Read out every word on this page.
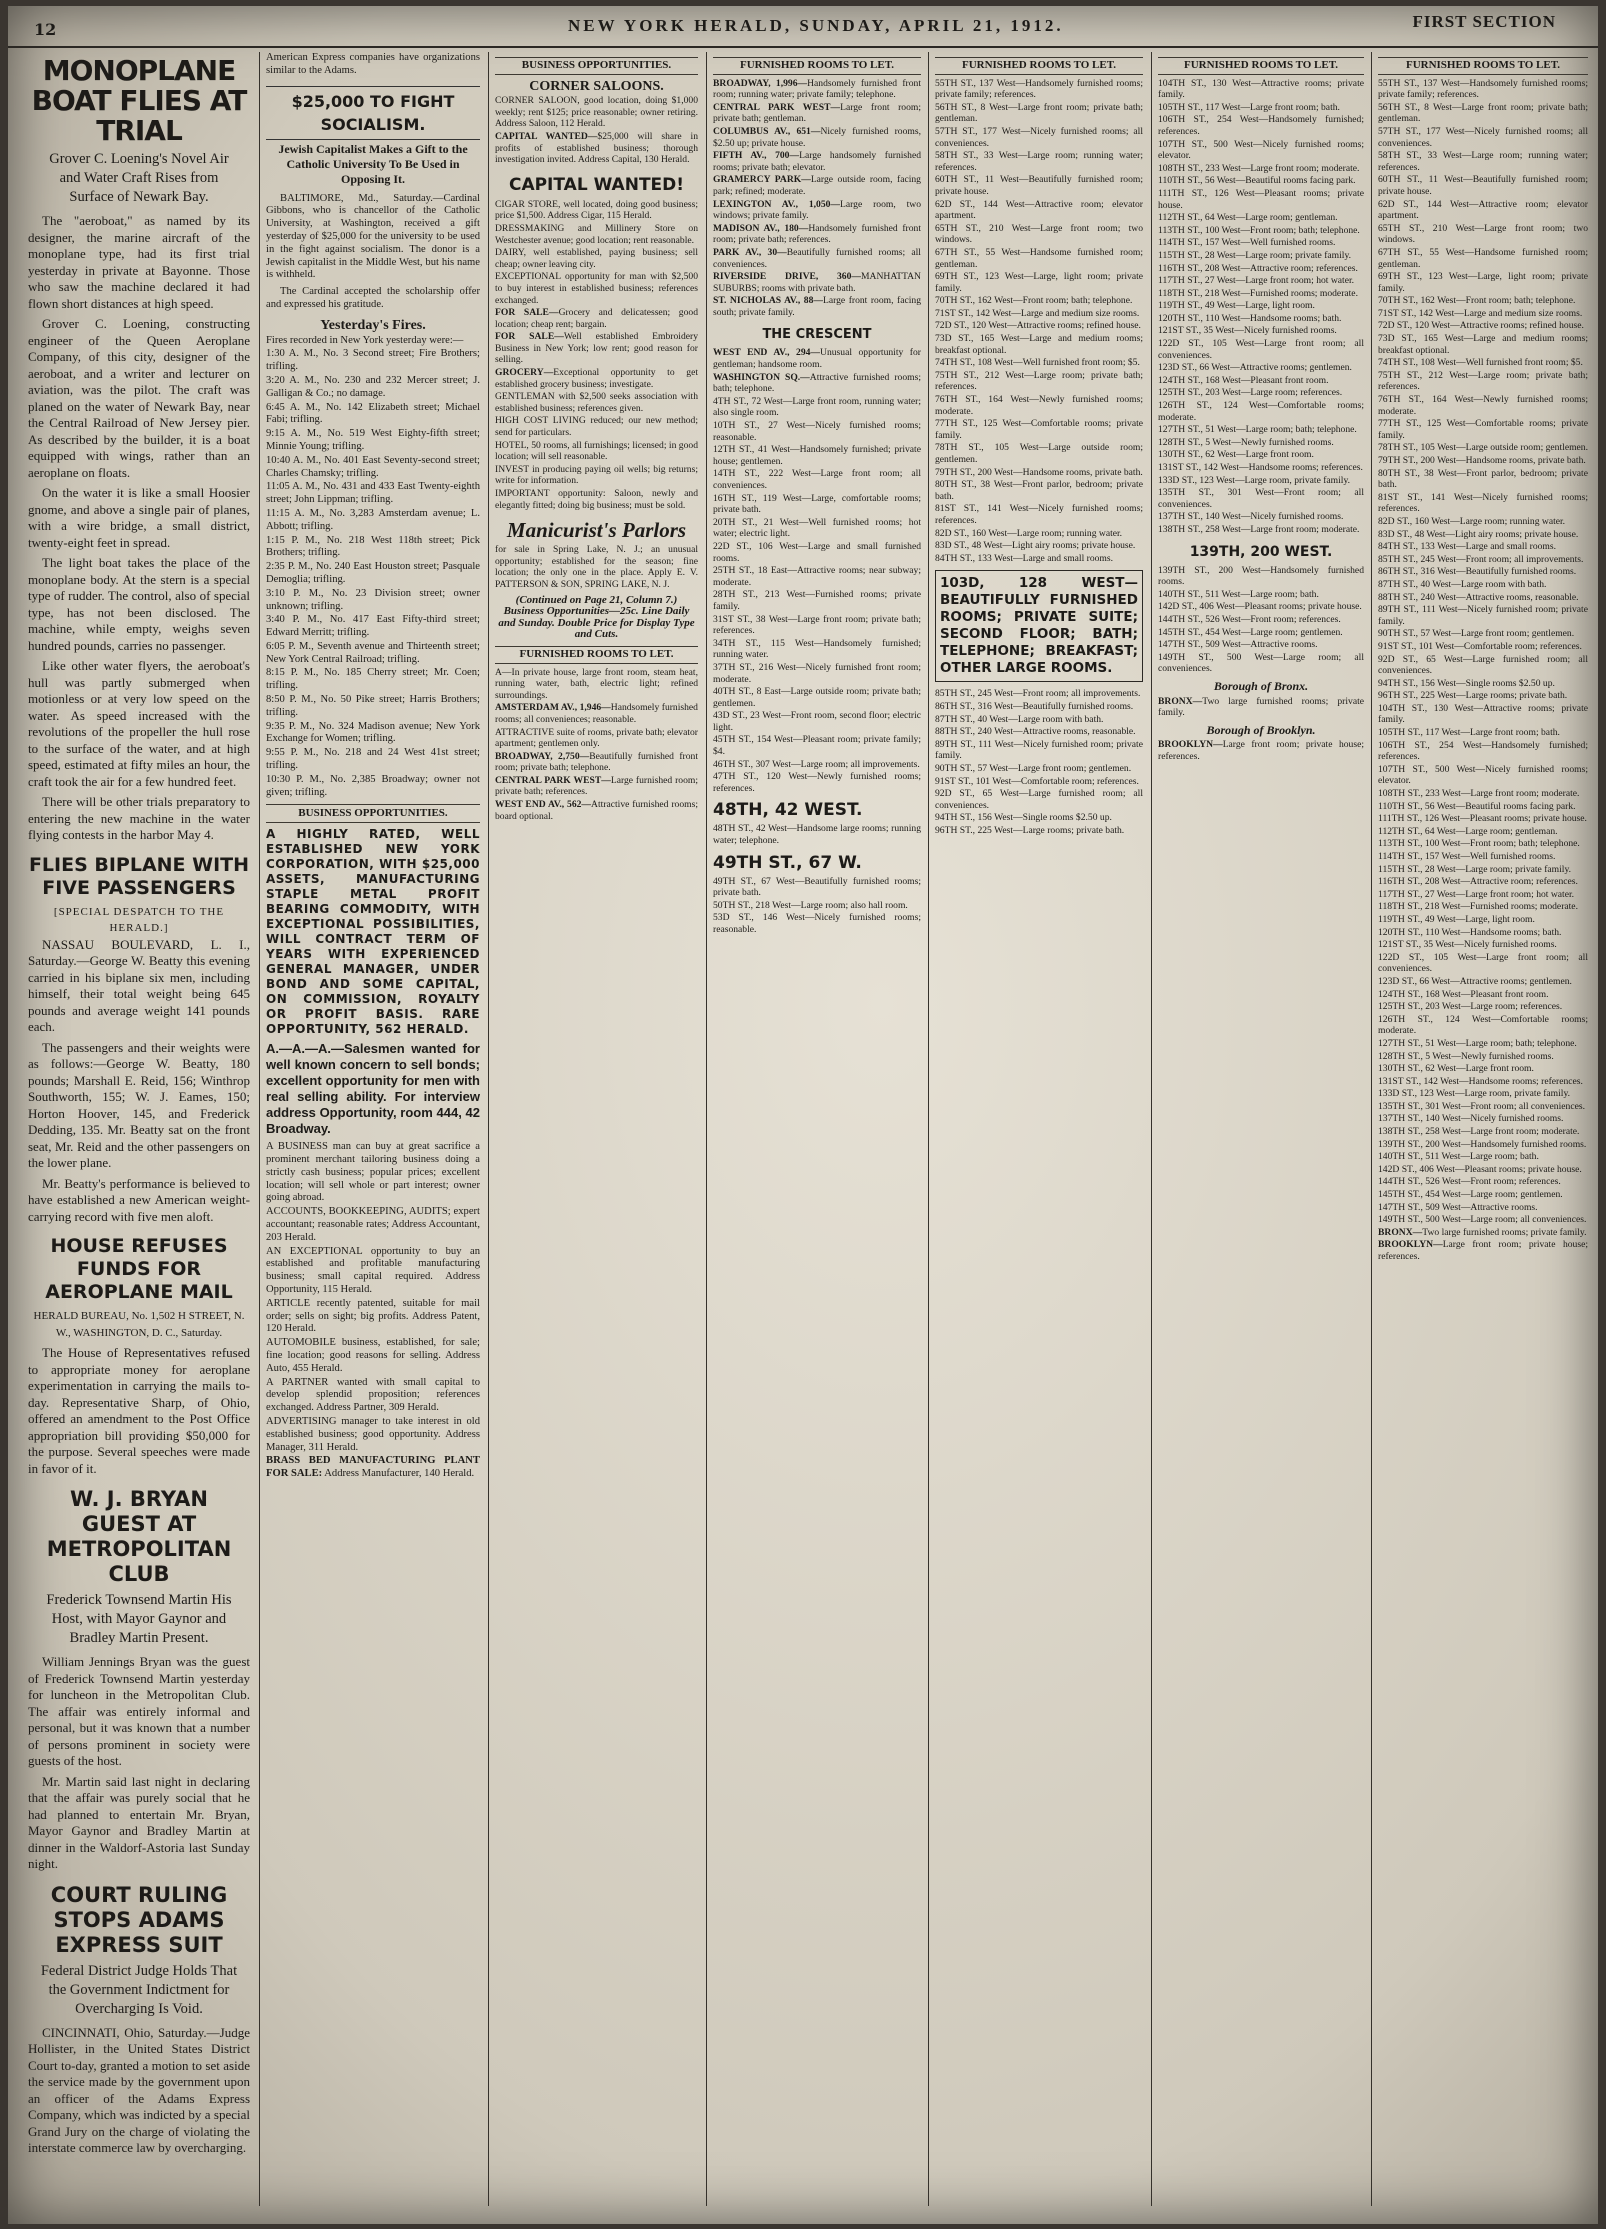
12	NEW YORK HERALD, SUNDAY, APRIL 21, 1912.	FIRST SECTION
MONOPLANE BOAT FLIES AT TRIAL
Grover C. Loening's Novel Air and Water Craft Rises from Surface of Newark Bay.

The "aeroboat," as named by its designer, the marine aircraft of the monoplane type, had its first trial yesterday in private at Bayonne. Those who saw the machine declared it had flown short distances at high speed.

Grover C. Loening, constructing engineer of the Queen Aeroplane Company, of this city, designer of the aeroboat, and a writer and lecturer on aviation, was the pilot. The craft was planed on the water of Newark Bay, near the Central Railroad of New Jersey pier. As described by the builder, it is a boat equipped with wings, rather than an aeroplane on floats.

On the water it is like a small Hoosier gnome, and above a single pair of planes, with a wire bridge, a small district, twenty-eight feet in spread.

The light boat takes the place of the monoplane body. At the stern is a special type of rudder. The control, also of special type, has not been disclosed. The machine, while empty, weighs seven hundred pounds, carries no passenger.

Like other water flyers, the aeroboat's hull was partly submerged when motionless or at very low speed on the water. As speed increased with the revolutions of the propeller the hull rose to the surface of the water, and at high speed, estimated at fifty miles an hour, the craft took the air for a few hundred feet.

There will be other trials preparatory to entering the new machine in the water flying contests in the harbor May 4.

FLIES BIPLANE WITH FIVE PASSENGERS
[SPECIAL DESPATCH TO THE HERALD.]

NASSAU BOULEVARD, L. I., Saturday.—George W. Beatty this evening carried in his biplane six men, including himself, their total weight being 645 pounds and average weight 141 pounds each.

The passengers and their weights were as follows:—George W. Beatty, 180 pounds; Marshall E. Reid, 156; Winthrop Southworth, 155; W. J. Eames, 150; Horton Hoover, 145, and Frederick Dedding, 135. Mr. Beatty sat on the front seat, Mr. Reid and the other passengers on the lower plane.

Mr. Beatty's performance is believed to have established a new American weight-carrying record with five men aloft.

HOUSE REFUSES FUNDS FOR AEROPLANE MAIL
HERALD BUREAU, No. 1,502 H STREET, N. W., WASHINGTON, D. C., Saturday.

The House of Representatives refused to appropriate money for aeroplane experimentation in carrying the mails to-day. Representative Sharp, of Ohio, offered an amendment to the Post Office appropriation bill providing $50,000 for the purpose. Several speeches were made in favor of it.

W. J. BRYAN GUEST AT METROPOLITAN CLUB
Frederick Townsend Martin His Host, with Mayor Gaynor and Bradley Martin Present.

William Jennings Bryan was the guest of Frederick Townsend Martin yesterday for luncheon in the Metropolitan Club. The affair was entirely informal and personal, but it was known that a number of persons prominent in society were guests of the host.

Mr. Martin said last night in declaring that the affair was purely social that he had planned to entertain Mr. Bryan, Mayor Gaynor and Bradley Martin at dinner in the Waldorf-Astoria last Sunday night.

COURT RULING STOPS ADAMS EXPRESS SUIT
Federal District Judge Holds That the Government Indictment for Overcharging Is Void.

CINCINNATI, Ohio, Saturday.—Judge Hollister, in the United States District Court to-day, granted a motion to set aside the service made by the government upon an officer of the Adams Express Company, which was indicted by a special Grand Jury on the charge of violating the interstate commerce law by overcharging.

American Express companies have organizations similar to the Adams.

$25,000 TO FIGHT SOCIALISM.
Jewish Capitalist Makes a Gift to the Catholic University To Be Used in Opposing It.

BALTIMORE, Md., Saturday.—Cardinal Gibbons, who is chancellor of the Catholic University, at Washington, received a gift yesterday of $25,000 for the university to be used in the fight against socialism. The donor is a Jewish capitalist in the Middle West, but his name is withheld.

The Cardinal accepted the scholarship offer and expressed his gratitude.

Yesterday's Fires.

Fires recorded in New York yesterday were:—

1:30 A. M., No. 3 Second street; Fire Brothers; trifling.

3:20 A. M., No. 230 and 232 Mercer street; J. Galligan & Co.; no damage.

6:45 A. M., No. 142 Elizabeth street; Michael Fabi; trifling.

9:15 A. M., No. 519 West Eighty-fifth street; Minnie Young; trifling.

10:40 A. M., No. 401 East Seventy-second street; Charles Chamsky; trifling.

11:05 A. M., No. 431 and 433 East Twenty-eighth street; John Lippman; trifling.

11:15 A. M., No. 3,283 Amsterdam avenue; L. Abbott; trifling.

1:15 P. M., No. 218 West 118th street; Pick Brothers; trifling.

2:35 P. M., No. 240 East Houston street; Pasquale Demoglia; trifling.

3:10 P. M., No. 23 Division street; owner unknown; trifling.

3:40 P. M., No. 417 East Fifty-third street; Edward Merritt; trifling.

6:05 P. M., Seventh avenue and Thirteenth street; New York Central Railroad; trifling.

8:15 P. M., No. 185 Cherry street; Mr. Coen; trifling.

8:50 P. M., No. 50 Pike street; Harris Brothers; trifling.

9:35 P. M., No. 324 Madison avenue; New York Exchange for Women; trifling.

9:55 P. M., No. 218 and 24 West 41st street; trifling.

10:30 P. M., No. 2,385 Broadway; owner not given; trifling.

BUSINESS OPPORTUNITIES.
A HIGHLY RATED, WELL ESTABLISHED NEW YORK CORPORATION, WITH $25,000 ASSETS, MANUFACTURING STAPLE METAL PROFIT BEARING COMMODITY, WITH EXCEPTIONAL POSSIBILITIES, WILL CONTRACT TERM OF YEARS WITH EXPERIENCED GENERAL MANAGER, UNDER BOND AND SOME CAPITAL, ON COMMISSION, ROYALTY OR PROFIT BASIS. RARE OPPORTUNITY, 562 HERALD.
A.—A.—A.—Salesmen wanted for well known concern to sell bonds; excellent opportunity for men with real selling ability. For interview address Opportunity, room 444, 42 Broadway.

A BUSINESS man can buy at great sacrifice a prominent merchant tailoring business doing a strictly cash business; popular prices; excellent location; will sell whole or part interest; owner going abroad.

ACCOUNTS, BOOKKEEPING, AUDITS; expert accountant; reasonable rates; Address Accountant, 203 Herald.

AN EXCEPTIONAL opportunity to buy an established and profitable manufacturing business; small capital required. Address Opportunity, 115 Herald.

ARTICLE recently patented, suitable for mail order; sells on sight; big profits. Address Patent, 120 Herald.

AUTOMOBILE business, established, for sale; fine location; good reasons for selling. Address Auto, 455 Herald.

A PARTNER wanted with small capital to develop splendid proposition; references exchanged. Address Partner, 309 Herald.

ADVERTISING manager to take interest in old established business; good opportunity. Address Manager, 311 Herald.

BRASS BED MANUFACTURING PLANT FOR SALE: Address Manufacturer, 140 Herald.

BUSINESS OPPORTUNITIES.
CORNER SALOONS.

CORNER SALOON, good location, doing $1,000 weekly; rent $125; price reasonable; owner retiring. Address Saloon, 112 Herald.

CAPITAL WANTED—$25,000 will share in profits of established business; thorough investigation invited. Address Capital, 130 Herald.

CAPITAL WANTED!

CIGAR STORE, well located, doing good business; price $1,500. Address Cigar, 115 Herald.

DRESSMAKING and Millinery Store on Westchester avenue; good location; rent reasonable.

DAIRY, well established, paying business; sell cheap; owner leaving city.

EXCEPTIONAL opportunity for man with $2,500 to buy interest in established business; references exchanged.

FOR SALE—Grocery and delicatessen; good location; cheap rent; bargain.

FOR SALE—Well established Embroidery Business in New York; low rent; good reason for selling.

GROCERY—Exceptional opportunity to get established grocery business; investigate.

GENTLEMAN with $2,500 seeks association with established business; references given.

HIGH COST LIVING reduced; our new method; send for particulars.

HOTEL, 50 rooms, all furnishings; licensed; in good location; will sell reasonable.

INVEST in producing paying oil wells; big returns; write for information.

IMPORTANT opportunity: Saloon, newly and elegantly fitted; doing big business; must be sold.

Manicurist's Parlors

for sale in Spring Lake, N. J.; an unusual opportunity; established for the season; fine location; the only one in the place. Apply E. V. PATTERSON & SON, SPRING LAKE, N. J.

(Continued on Page 21, Column 7.) Business Opportunities—25c. Line Daily and Sunday. Double Price for Display Type and Cuts.

FURNISHED ROOMS TO LET.

A—In private house, large front room, steam heat, running water, bath, electric light; refined surroundings.

AMSTERDAM AV., 1,946—Handsomely furnished rooms; all conveniences; reasonable.

ATTRACTIVE suite of rooms, private bath; elevator apartment; gentlemen only.

BROADWAY, 2,750—Beautifully furnished front room; private bath; telephone.

CENTRAL PARK WEST—Large furnished room; private bath; references.

WEST END AV., 562—Attractive furnished rooms; board optional.

FURNISHED ROOMS TO LET.

BROADWAY, 1,996—Handsomely furnished front room; running water; private family; telephone.

CENTRAL PARK WEST—Large front room; private bath; gentleman.

COLUMBUS AV., 651—Nicely furnished rooms, $2.50 up; private house.

FIFTH AV., 700—Large handsomely furnished rooms; private bath; elevator.

GRAMERCY PARK—Large outside room, facing park; refined; moderate.

LEXINGTON AV., 1,050—Large room, two windows; private family.

MADISON AV., 180—Handsomely furnished front room; private bath; references.

PARK AV., 30—Beautifully furnished rooms; all conveniences.

RIVERSIDE DRIVE, 360—MANHATTAN SUBURBS; rooms with private bath.

ST. NICHOLAS AV., 88—Large front room, facing south; private family.

THE CRESCENT

WEST END AV., 294—Unusual opportunity for gentleman; handsome room.

WASHINGTON SQ.—Attractive furnished rooms; bath; telephone.

4TH ST., 72 West—Large front room, running water; also single room.

10TH ST., 27 West—Nicely furnished rooms; reasonable.

12TH ST., 41 West—Handsomely furnished; private house; gentlemen.

14TH ST., 222 West—Large front room; all conveniences.

16TH ST., 119 West—Large, comfortable rooms; private bath.

20TH ST., 21 West—Well furnished rooms; hot water; electric light.

22D ST., 106 West—Large and small furnished rooms.

25TH ST., 18 East—Attractive rooms; near subway; moderate.

28TH ST., 213 West—Furnished rooms; private family.

31ST ST., 38 West—Large front room; private bath; references.

34TH ST., 115 West—Handsomely furnished; running water.

37TH ST., 216 West—Nicely furnished front room; moderate.

40TH ST., 8 East—Large outside room; private bath; gentlemen.

43D ST., 23 West—Front room, second floor; electric light.

45TH ST., 154 West—Pleasant room; private family; $4.

46TH ST., 307 West—Large room; all improvements.

47TH ST., 120 West—Newly furnished rooms; references.

48TH, 42 WEST.

48TH ST., 42 West—Handsome large rooms; running water; telephone.

49TH ST., 67 W.

49TH ST., 67 West—Beautifully furnished rooms; private bath.

50TH ST., 218 West—Large room; also hall room.

53D ST., 146 West—Nicely furnished rooms; reasonable.

FURNISHED ROOMS TO LET.

55TH ST., 137 West—Handsomely furnished rooms; private family; references.

56TH ST., 8 West—Large front room; private bath; gentleman.

57TH ST., 177 West—Nicely furnished rooms; all conveniences.

58TH ST., 33 West—Large room; running water; references.

60TH ST., 11 West—Beautifully furnished room; private house.

62D ST., 144 West—Attractive room; elevator apartment.

65TH ST., 210 West—Large front room; two windows.

67TH ST., 55 West—Handsome furnished room; gentleman.

69TH ST., 123 West—Large, light room; private family.

70TH ST., 162 West—Front room; bath; telephone.

71ST ST., 142 West—Large and medium size rooms.

72D ST., 120 West—Attractive rooms; refined house.

73D ST., 165 West—Large and medium rooms; breakfast optional.

74TH ST., 108 West—Well furnished front room; $5.

75TH ST., 212 West—Large room; private bath; references.

76TH ST., 164 West—Newly furnished rooms; moderate.

77TH ST., 125 West—Comfortable rooms; private family.

78TH ST., 105 West—Large outside room; gentlemen.

79TH ST., 200 West—Handsome rooms, private bath.

80TH ST., 38 West—Front parlor, bedroom; private bath.

81ST ST., 141 West—Nicely furnished rooms; references.

82D ST., 160 West—Large room; running water.

83D ST., 48 West—Light airy rooms; private house.

84TH ST., 133 West—Large and small rooms.

103D, 128 WEST—BEAUTIFULLY FURNISHED ROOMS; PRIVATE SUITE; SECOND FLOOR; BATH; TELEPHONE; BREAKFAST; OTHER LARGE ROOMS.

85TH ST., 245 West—Front room; all improvements.

86TH ST., 316 West—Beautifully furnished rooms.

87TH ST., 40 West—Large room with bath.

88TH ST., 240 West—Attractive rooms, reasonable.

89TH ST., 111 West—Nicely furnished room; private family.

90TH ST., 57 West—Large front room; gentlemen.

91ST ST., 101 West—Comfortable room; references.

92D ST., 65 West—Large furnished room; all conveniences.

94TH ST., 156 West—Single rooms $2.50 up.

96TH ST., 225 West—Large rooms; private bath.

FURNISHED ROOMS TO LET.

104TH ST., 130 West—Attractive rooms; private family.

105TH ST., 117 West—Large front room; bath.

106TH ST., 254 West—Handsomely furnished; references.

107TH ST., 500 West—Nicely furnished rooms; elevator.

108TH ST., 233 West—Large front room; moderate.

110TH ST., 56 West—Beautiful rooms facing park.

111TH ST., 126 West—Pleasant rooms; private house.

112TH ST., 64 West—Large room; gentleman.

113TH ST., 100 West—Front room; bath; telephone.

114TH ST., 157 West—Well furnished rooms.

115TH ST., 28 West—Large room; private family.

116TH ST., 208 West—Attractive room; references.

117TH ST., 27 West—Large front room; hot water.

118TH ST., 218 West—Furnished rooms; moderate.

119TH ST., 49 West—Large, light room.

120TH ST., 110 West—Handsome rooms; bath.

121ST ST., 35 West—Nicely furnished rooms.

122D ST., 105 West—Large front room; all conveniences.

123D ST., 66 West—Attractive rooms; gentlemen.

124TH ST., 168 West—Pleasant front room.

125TH ST., 203 West—Large room; references.

126TH ST., 124 West—Comfortable rooms; moderate.

127TH ST., 51 West—Large room; bath; telephone.

128TH ST., 5 West—Newly furnished rooms.

130TH ST., 62 West—Large front room.

131ST ST., 142 West—Handsome rooms; references.

133D ST., 123 West—Large room, private family.

135TH ST., 301 West—Front room; all conveniences.

137TH ST., 140 West—Nicely furnished rooms.

138TH ST., 258 West—Large front room; moderate.

139TH, 200 WEST.

139TH ST., 200 West—Handsomely furnished rooms.

140TH ST., 511 West—Large room; bath.

142D ST., 406 West—Pleasant rooms; private house.

144TH ST., 526 West—Front room; references.

145TH ST., 454 West—Large room; gentlemen.

147TH ST., 509 West—Attractive rooms.

149TH ST., 500 West—Large room; all conveniences.

Borough of Bronx.

BRONX—Two large furnished rooms; private family.

Borough of Brooklyn.

BROOKLYN—Large front room; private house; references.

FURNISHED ROOMS TO LET.

55TH ST., 137 West—Handsomely furnished rooms; private family; references.

56TH ST., 8 West—Large front room; private bath; gentleman.

57TH ST., 177 West—Nicely furnished rooms; all conveniences.

58TH ST., 33 West—Large room; running water; references.

60TH ST., 11 West—Beautifully furnished room; private house.

62D ST., 144 West—Attractive room; elevator apartment.

65TH ST., 210 West—Large front room; two windows.

67TH ST., 55 West—Handsome furnished room; gentleman.

69TH ST., 123 West—Large, light room; private family.

70TH ST., 162 West—Front room; bath; telephone.

71ST ST., 142 West—Large and medium size rooms.

72D ST., 120 West—Attractive rooms; refined house.

73D ST., 165 West—Large and medium rooms; breakfast optional.

74TH ST., 108 West—Well furnished front room; $5.

75TH ST., 212 West—Large room; private bath; references.

76TH ST., 164 West—Newly furnished rooms; moderate.

77TH ST., 125 West—Comfortable rooms; private family.

78TH ST., 105 West—Large outside room; gentlemen.

79TH ST., 200 West—Handsome rooms, private bath.

80TH ST., 38 West—Front parlor, bedroom; private bath.

81ST ST., 141 West—Nicely furnished rooms; references.

82D ST., 160 West—Large room; running water.

83D ST., 48 West—Light airy rooms; private house.

84TH ST., 133 West—Large and small rooms.

85TH ST., 245 West—Front room; all improvements.

86TH ST., 316 West—Beautifully furnished rooms.

87TH ST., 40 West—Large room with bath.

88TH ST., 240 West—Attractive rooms, reasonable.

89TH ST., 111 West—Nicely furnished room; private family.

90TH ST., 57 West—Large front room; gentlemen.

91ST ST., 101 West—Comfortable room; references.

92D ST., 65 West—Large furnished room; all conveniences.

94TH ST., 156 West—Single rooms $2.50 up.

96TH ST., 225 West—Large rooms; private bath.

104TH ST., 130 West—Attractive rooms; private family.

105TH ST., 117 West—Large front room; bath.

106TH ST., 254 West—Handsomely furnished; references.

107TH ST., 500 West—Nicely furnished rooms; elevator.

108TH ST., 233 West—Large front room; moderate.

110TH ST., 56 West—Beautiful rooms facing park.

111TH ST., 126 West—Pleasant rooms; private house.

112TH ST., 64 West—Large room; gentleman.

113TH ST., 100 West—Front room; bath; telephone.

114TH ST., 157 West—Well furnished rooms.

115TH ST., 28 West—Large room; private family.

116TH ST., 208 West—Attractive room; references.

117TH ST., 27 West—Large front room; hot water.

118TH ST., 218 West—Furnished rooms; moderate.

119TH ST., 49 West—Large, light room.

120TH ST., 110 West—Handsome rooms; bath.

121ST ST., 35 West—Nicely furnished rooms.

122D ST., 105 West—Large front room; all conveniences.

123D ST., 66 West—Attractive rooms; gentlemen.

124TH ST., 168 West—Pleasant front room.

125TH ST., 203 West—Large room; references.

126TH ST., 124 West—Comfortable rooms; moderate.

127TH ST., 51 West—Large room; bath; telephone.

128TH ST., 5 West—Newly furnished rooms.

130TH ST., 62 West—Large front room.

131ST ST., 142 West—Handsome rooms; references.

133D ST., 123 West—Large room, private family.

135TH ST., 301 West—Front room; all conveniences.

137TH ST., 140 West—Nicely furnished rooms.

138TH ST., 258 West—Large front room; moderate.

139TH ST., 200 West—Handsomely furnished rooms.

140TH ST., 511 West—Large room; bath.

142D ST., 406 West—Pleasant rooms; private house.

144TH ST., 526 West—Front room; references.

145TH ST., 454 West—Large room; gentlemen.

147TH ST., 509 West—Attractive rooms.

149TH ST., 500 West—Large room; all conveniences.

BRONX—Two large furnished rooms; private family.

BROOKLYN—Large front room; private house; references.
